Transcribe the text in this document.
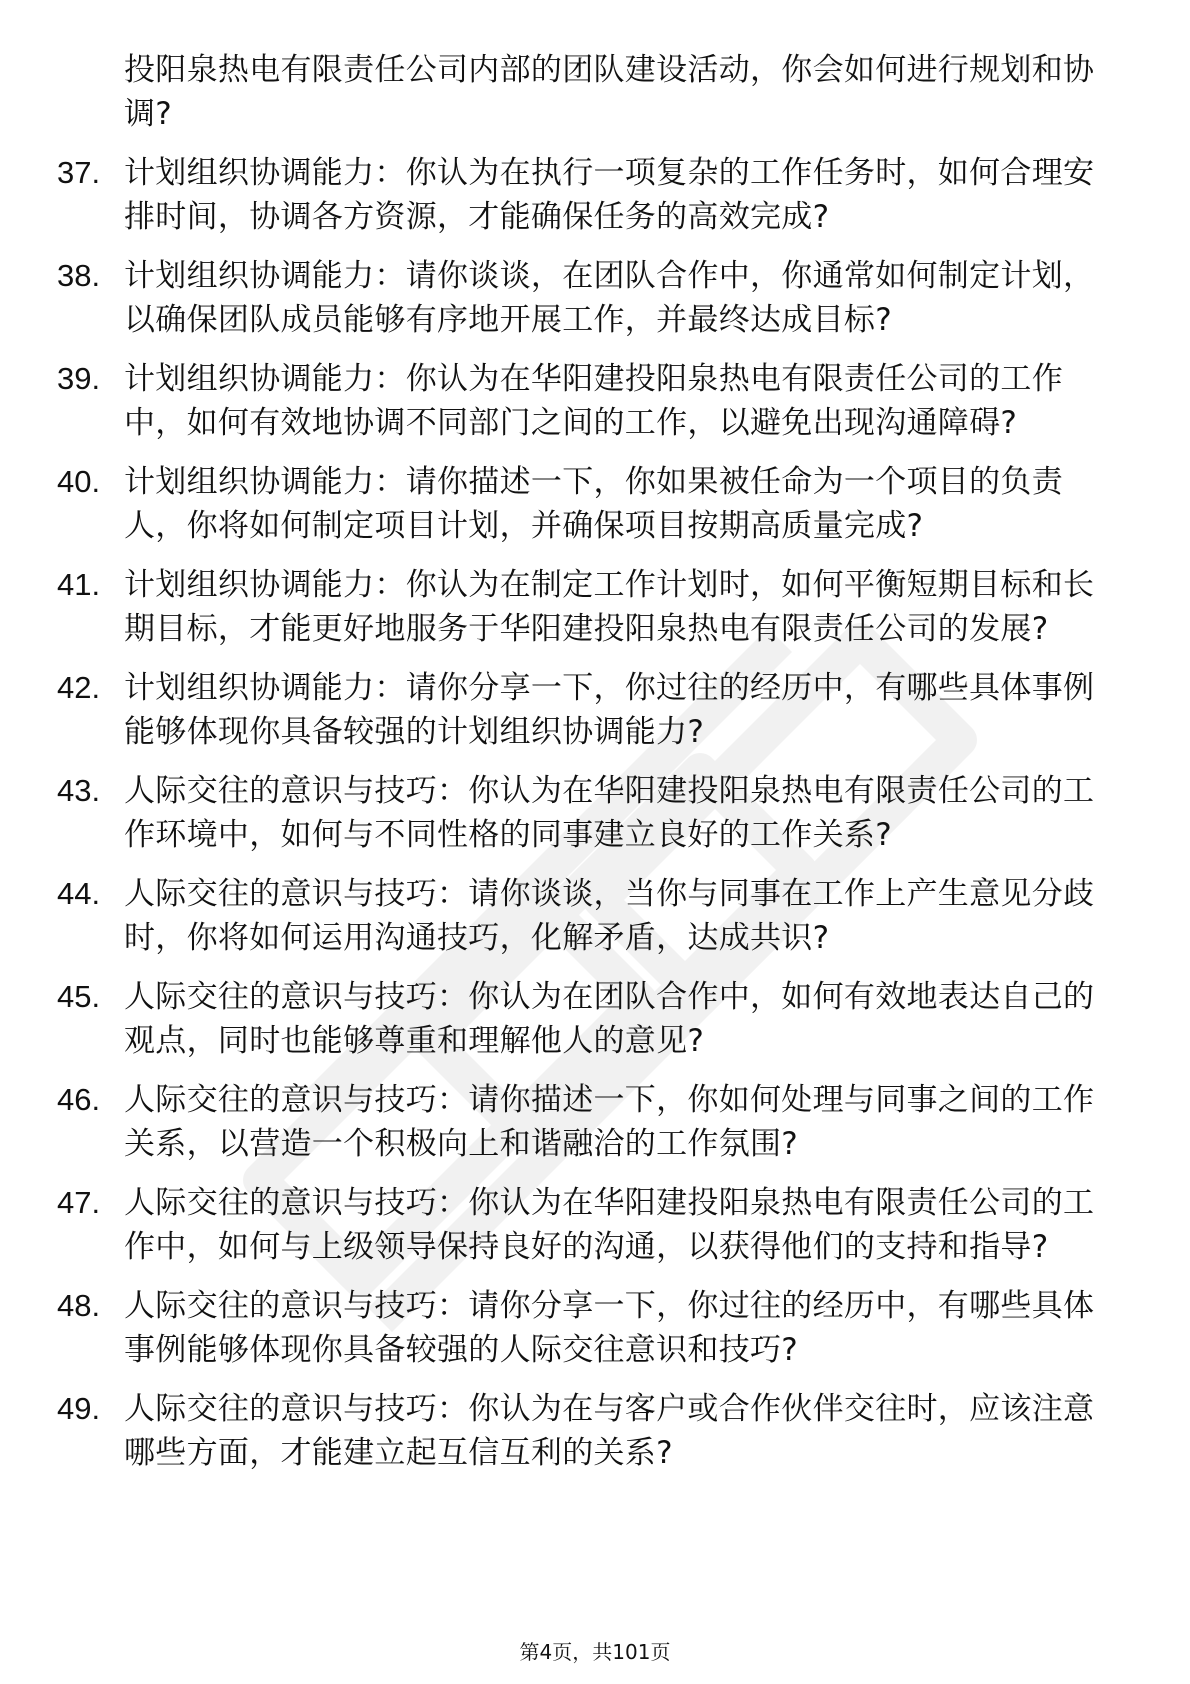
投阳泉热电有限责任公司内部的团队建设活动，你会如何进行规划和协调?
37. 计划组织协调能力：你认为在执行一项复杂的工作任务时，如何合理安排时间，协调各方资源，才能确保任务的高效完成?
38. 计划组织协调能力：请你谈谈，在团队合作中，你通常如何制定计划，以确保团队成员能够有序地开展工作，并最终达成目标?
39. 计划组织协调能力：你认为在华阳建投阳泉热电有限责任公司的工作中，如何有效地协调不同部门之间的工作，以避免出现沟通障碍?
40. 计划组织协调能力：请你描述一下，你如果被任命为一个项目的负责人，你将如何制定项目计划，并确保项目按期高质量完成?
41. 计划组织协调能力：你认为在制定工作计划时，如何平衡短期目标和长期目标，才能更好地服务于华阳建投阳泉热电有限责任公司的发展?
42. 计划组织协调能力：请你分享一下，你过往的经历中，有哪些具体事例能够体现你具备较强的计划组织协调能力?
43. 人际交往的意识与技巧：你认为在华阳建投阳泉热电有限责任公司的工作环境中，如何与不同性格的同事建立良好的工作关系?
44. 人际交往的意识与技巧：请你谈谈，当你与同事在工作上产生意见分歧时，你将如何运用沟通技巧，化解矛盾，达成共识?
45. 人际交往的意识与技巧：你认为在团队合作中，如何有效地表达自己的观点，同时也能够尊重和理解他人的意见?
46. 人际交往的意识与技巧：请你描述一下，你如何处理与同事之间的工作关系，以营造一个积极向上和谐融洽的工作氛围?
47. 人际交往的意识与技巧：你认为在华阳建投阳泉热电有限责任公司的工作中，如何与上级领导保持良好的沟通，以获得他们的支持和指导?
48. 人际交往的意识与技巧：请你分享一下，你过往的经历中，有哪些具体事例能够体现你具备较强的人际交往意识和技巧?
49. 人际交往的意识与技巧：你认为在与客户或合作伙伴交往时，应该注意哪些方面，才能建立起互信互利的关系?
第4页，共101页
